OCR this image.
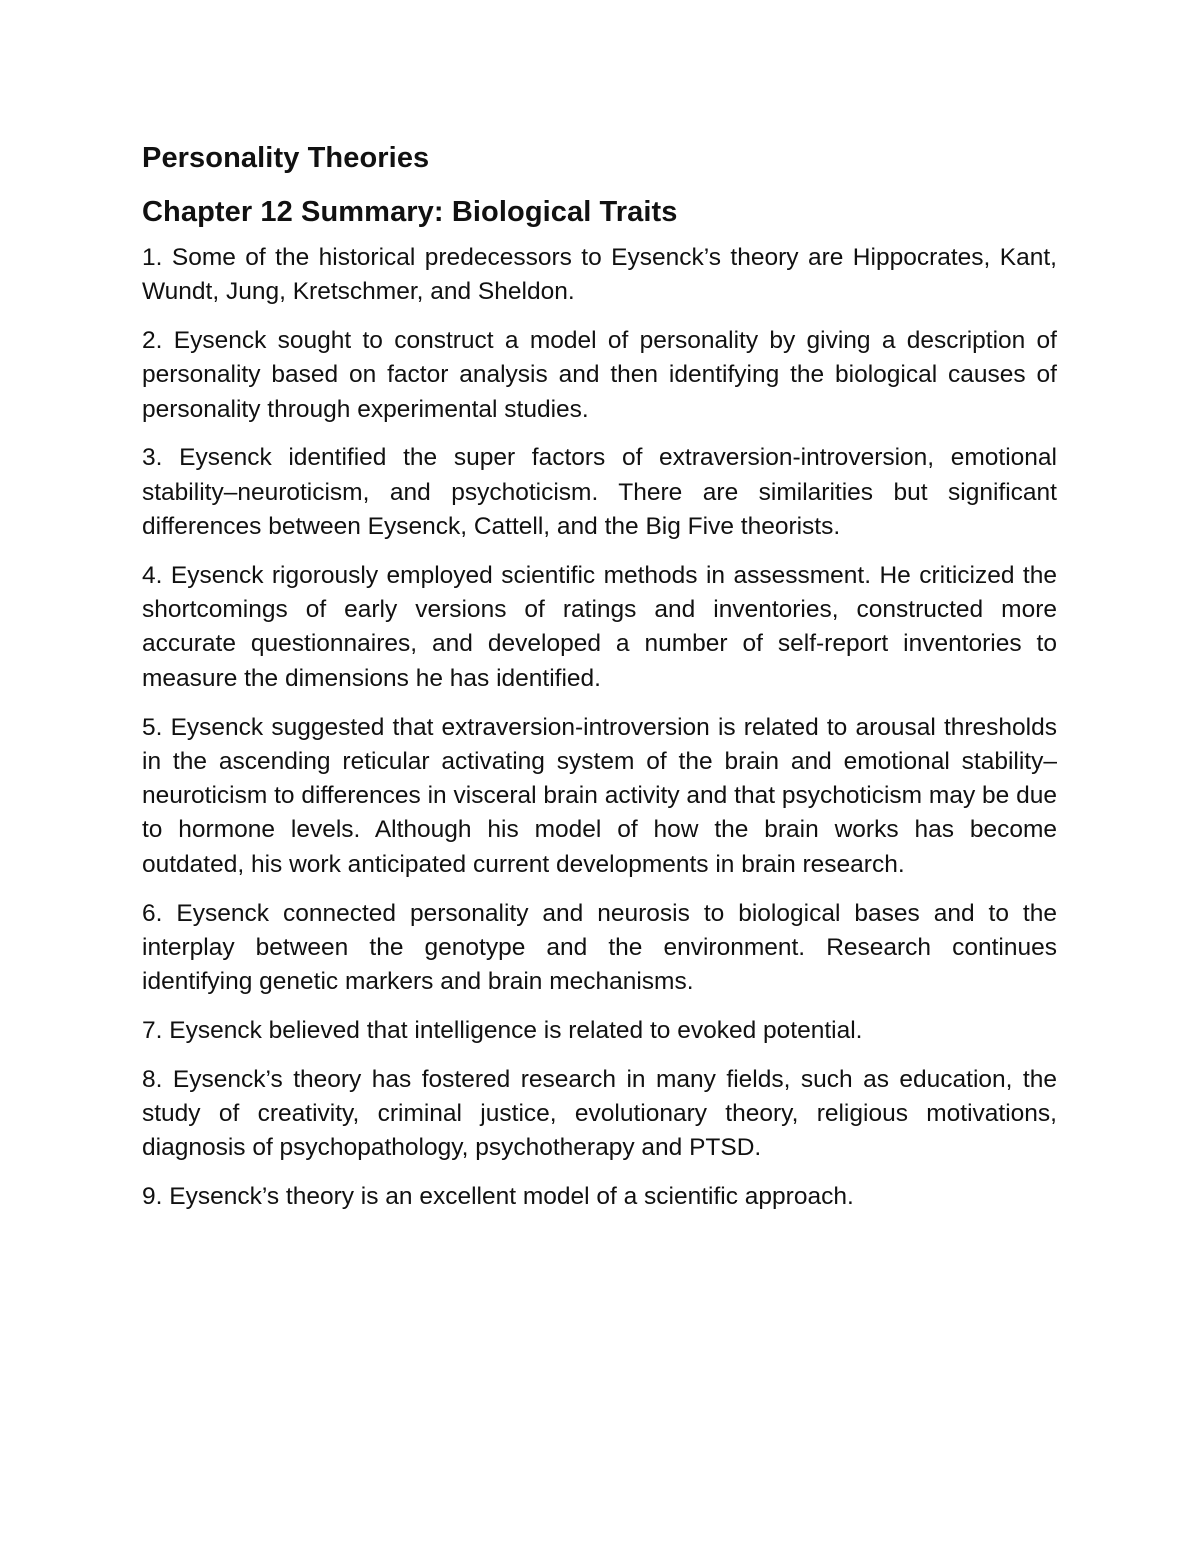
Personality Theories
Chapter 12 Summary: Biological Traits

1. Some of the historical predecessors to Eysenck’s theory are Hippocrates, Kant, Wundt, Jung, Kretschmer, and Sheldon.

2. Eysenck sought to construct a model of personality by giving a description of personality based on factor analysis and then identifying the biological causes of personality through experimental studies.

3. Eysenck identified the super factors of extraversion-introversion, emotional stability–neuroticism, and psychoticism. There are similarities but significant differences between Eysenck, Cattell, and the Big Five theorists.

4. Eysenck rigorously employed scientific methods in assessment. He criticized the shortcomings of early versions of ratings and inventories, constructed more accurate questionnaires, and developed a number of self-report inventories to measure the dimensions he has identified.

5. Eysenck suggested that extraversion-introversion is related to arousal thresholds in the ascending reticular activating system of the brain and emotional stability–neuroticism to differences in visceral brain activity and that psychoticism may be due to hormone levels. Although his model of how the brain works has become outdated, his work anticipated current developments in brain research.

6. Eysenck connected personality and neurosis to biological bases and to the interplay between the genotype and the environment. Research continues identifying genetic markers and brain mechanisms.

7. Eysenck believed that intelligence is related to evoked potential.

8. Eysenck’s theory has fostered research in many fields, such as education, the study of creativity, criminal justice, evolutionary theory, religious motivations, diagnosis of psychopathology, psychotherapy and PTSD.

9. Eysenck’s theory is an excellent model of a scientific approach.
